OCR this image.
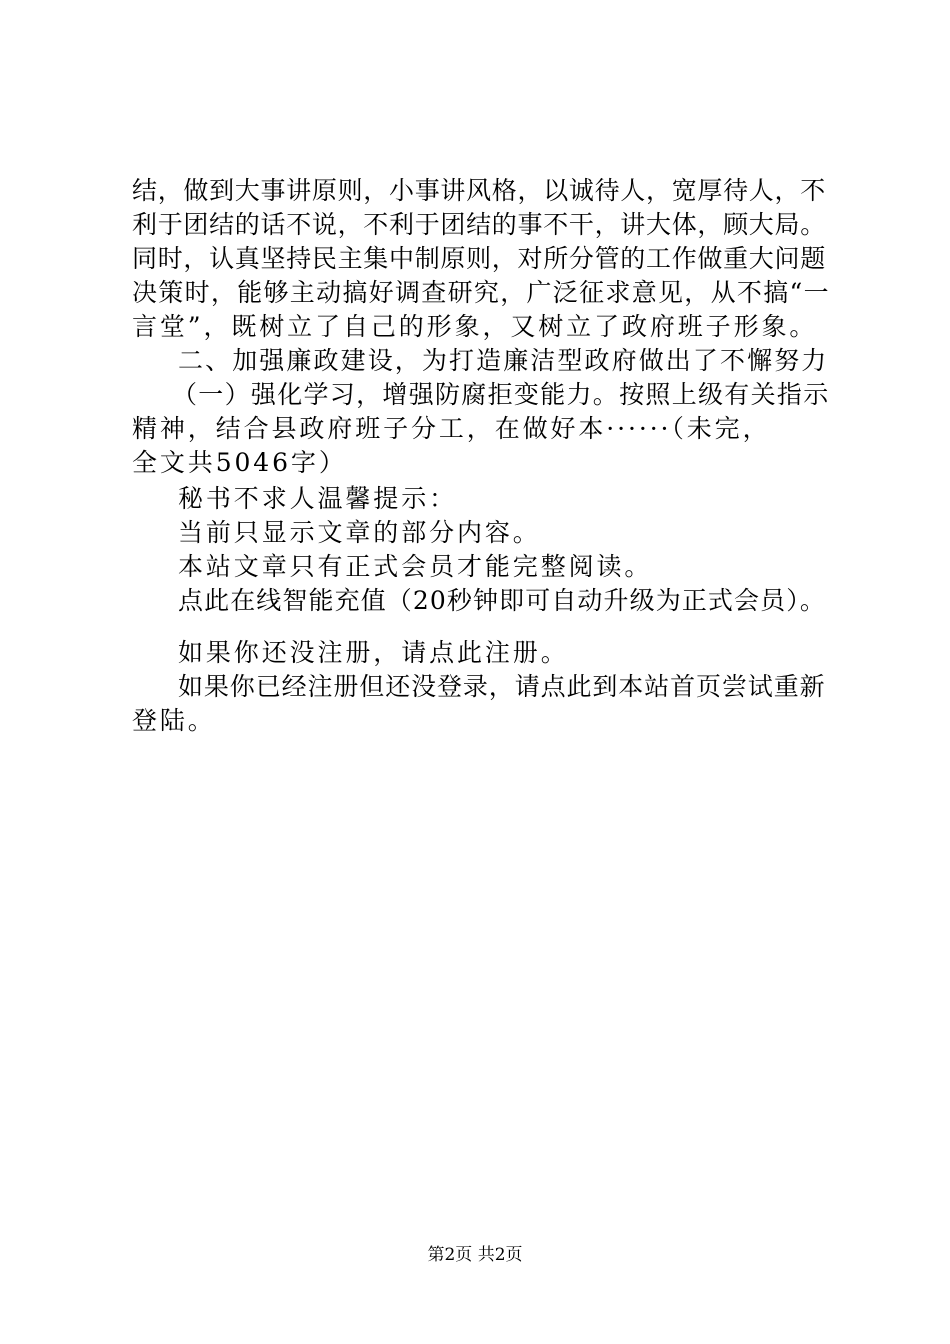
结，做到大事讲原则，小事讲风格，以诚待人，宽厚待人，不
利于团结的话不说，不利于团结的事不干，讲大体，顾大局。
同时，认真坚持民主集中制原则，对所分管的工作做重大问题
决策时，能够主动搞好调查研究，广泛征求意见，从不搞“一
言堂”，既树立了自己的形象，又树立了政府班子形象。
二、加强廉政建设，为打造廉洁型政府做出了不懈努力
（一）强化学习，增强防腐拒变能力。按照上级有关指示
精神，结合县政府班子分工，在做好本······（未完，
全文共5046字）
秘书不求人温馨提示：
当前只显示文章的部分内容。
本站文章只有正式会员才能完整阅读。
点此在线智能充值（20秒钟即可自动升级为正式会员）。
如果你还没注册，请点此注册。
如果你已经注册但还没登录，请点此到本站首页尝试重新
登陆。
第2页 共2页
